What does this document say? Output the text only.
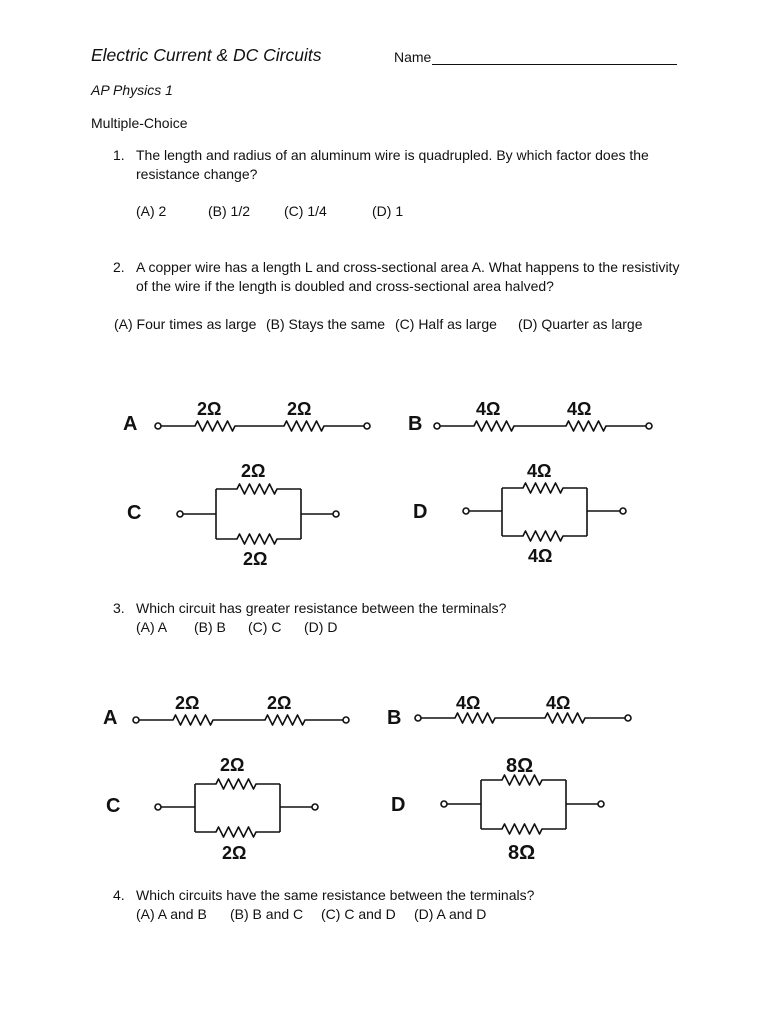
Electric Current & DC Circuits	Name
AP Physics 1
Multiple-Choice
1. The length and radius of an aluminum wire is quadrupled. By which factor does the
resistance change?
(A) 2	(B) 1/2 (C) 1/4	(D) 1
2. A copper wire has a length L and cross-sectional area A. What happens to the resistivity
of the wire if the length is doubled and cross-sectional area halved?
(A) Four times as large (B) Stays the same (C) Half as large (D) Quarter as large
3. Which circuit has greater resistance between the terminals?
(A) A (B) B (C) C (D) D
4. Which circuits have the same resistance between the terminals?
(A) A and B (B) B and C (C) C and D (D) A and D
A
2Ω	2Ω
B
4Ω	4Ω
C
2Ω
2Ω
D
4Ω
4Ω
A
2Ω	2Ω
B
4Ω	4Ω
C
2Ω
2Ω
D
8Ω
8Ω
